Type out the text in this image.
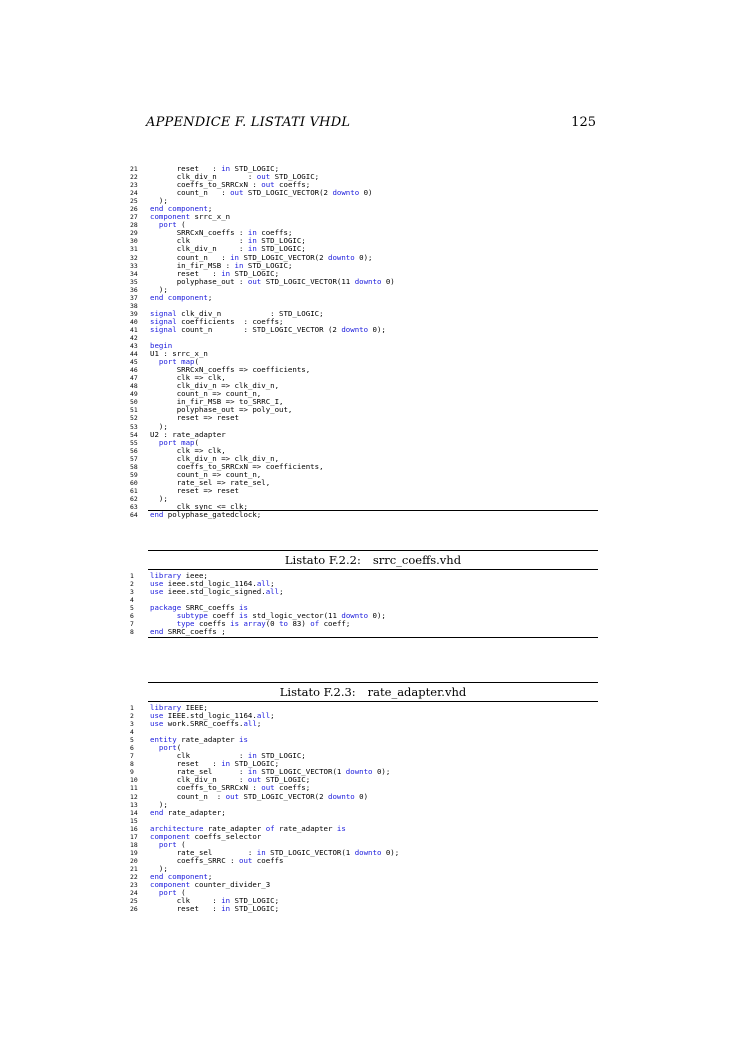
APPENDICE F. LISTATI VHDL	125
21      reset   : in STD_LOGIC;
22      clk_div_n       : out STD_LOGIC;
23      coeffs_to_SRRCxN : out coeffs;
24      count_n   : out STD_LOGIC_VECTOR(2 downto 0)
25  );
26 end component;
27 component srrc_x_n
28	port (
29      SRRCxN_coeffs : in coeffs;
30      clk           : in STD_LOGIC;
31      clk_div_n     : in STD_LOGIC;
32      count_n   : in STD_LOGIC_VECTOR(2 downto 0);
33      in_fir_MSB : in STD_LOGIC;
34      reset   : in STD_LOGIC;
35      polyphase_out : out STD_LOGIC_VECTOR(11 downto 0)
36  );
37 end component;
38
39 signal clk_div_n           : STD_LOGIC;
40 signal coefficients  : coeffs;
41 signal count_n       : STD_LOGIC_VECTOR (2 downto 0);
42
43 begin
44 U1 : srrc_x_n
45	port map(
46      SRRCxN_coeffs => coefficients,
47      clk => clk,
48      clk_div_n => clk_div_n,
49      count_n => count_n,
50      in_fir_MSB => to_SRRC_I,
51      polyphase_out => poly_out,
52      reset => reset
53  );
54 U2 : rate_adapter
55	port map(
56      clk => clk,
57      clk_div_n => clk_div_n,
58      coeffs_to_SRRCxN => coefficients,
59      count_n => count_n,
60      rate_sel => rate_sel,
61      reset => reset
62  );
63      clk_sync <= clk;
64 end polyphase_gatedclock;
Listato F.2.2: srrc_coeffs.vhd
1 library ieee;
2 use ieee.std_logic_1164.all;
3 use ieee.std_logic_signed.all;
4
5 package SRRC_coeffs is
6	subtype coeff is std_logic_vector(11 downto 0);
7	type coeffs is array(0 to 83) of coeff;
8 end SRRC_coeffs ;
Listato F.2.3: rate_adapter.vhd
1 library IEEE;
2 use IEEE.std_logic_1164.all;
3 use work.SRRC_coeffs.all;
4
5 entity rate_adapter is
6	port(
7      clk           : in STD_LOGIC;
8      reset   : in STD_LOGIC;
9      rate_sel      : in STD_LOGIC_VECTOR(1 downto 0);
10      clk_div_n     : out STD_LOGIC;
11      coeffs_to_SRRCxN : out coeffs;
12      count_n  : out STD_LOGIC_VECTOR(2 downto 0)
13  );
14 end rate_adapter;
15
16 architecture rate_adapter of rate_adapter is
17 component coeffs_selector
18	port (
19      rate_sel        : in STD_LOGIC_VECTOR(1 downto 0);
20      coeffs_SRRC : out coeffs
21  );
22 end component;
23 component counter_divider_3
24	port (
25      clk     : in STD_LOGIC;
26      reset   : in STD_LOGIC;
